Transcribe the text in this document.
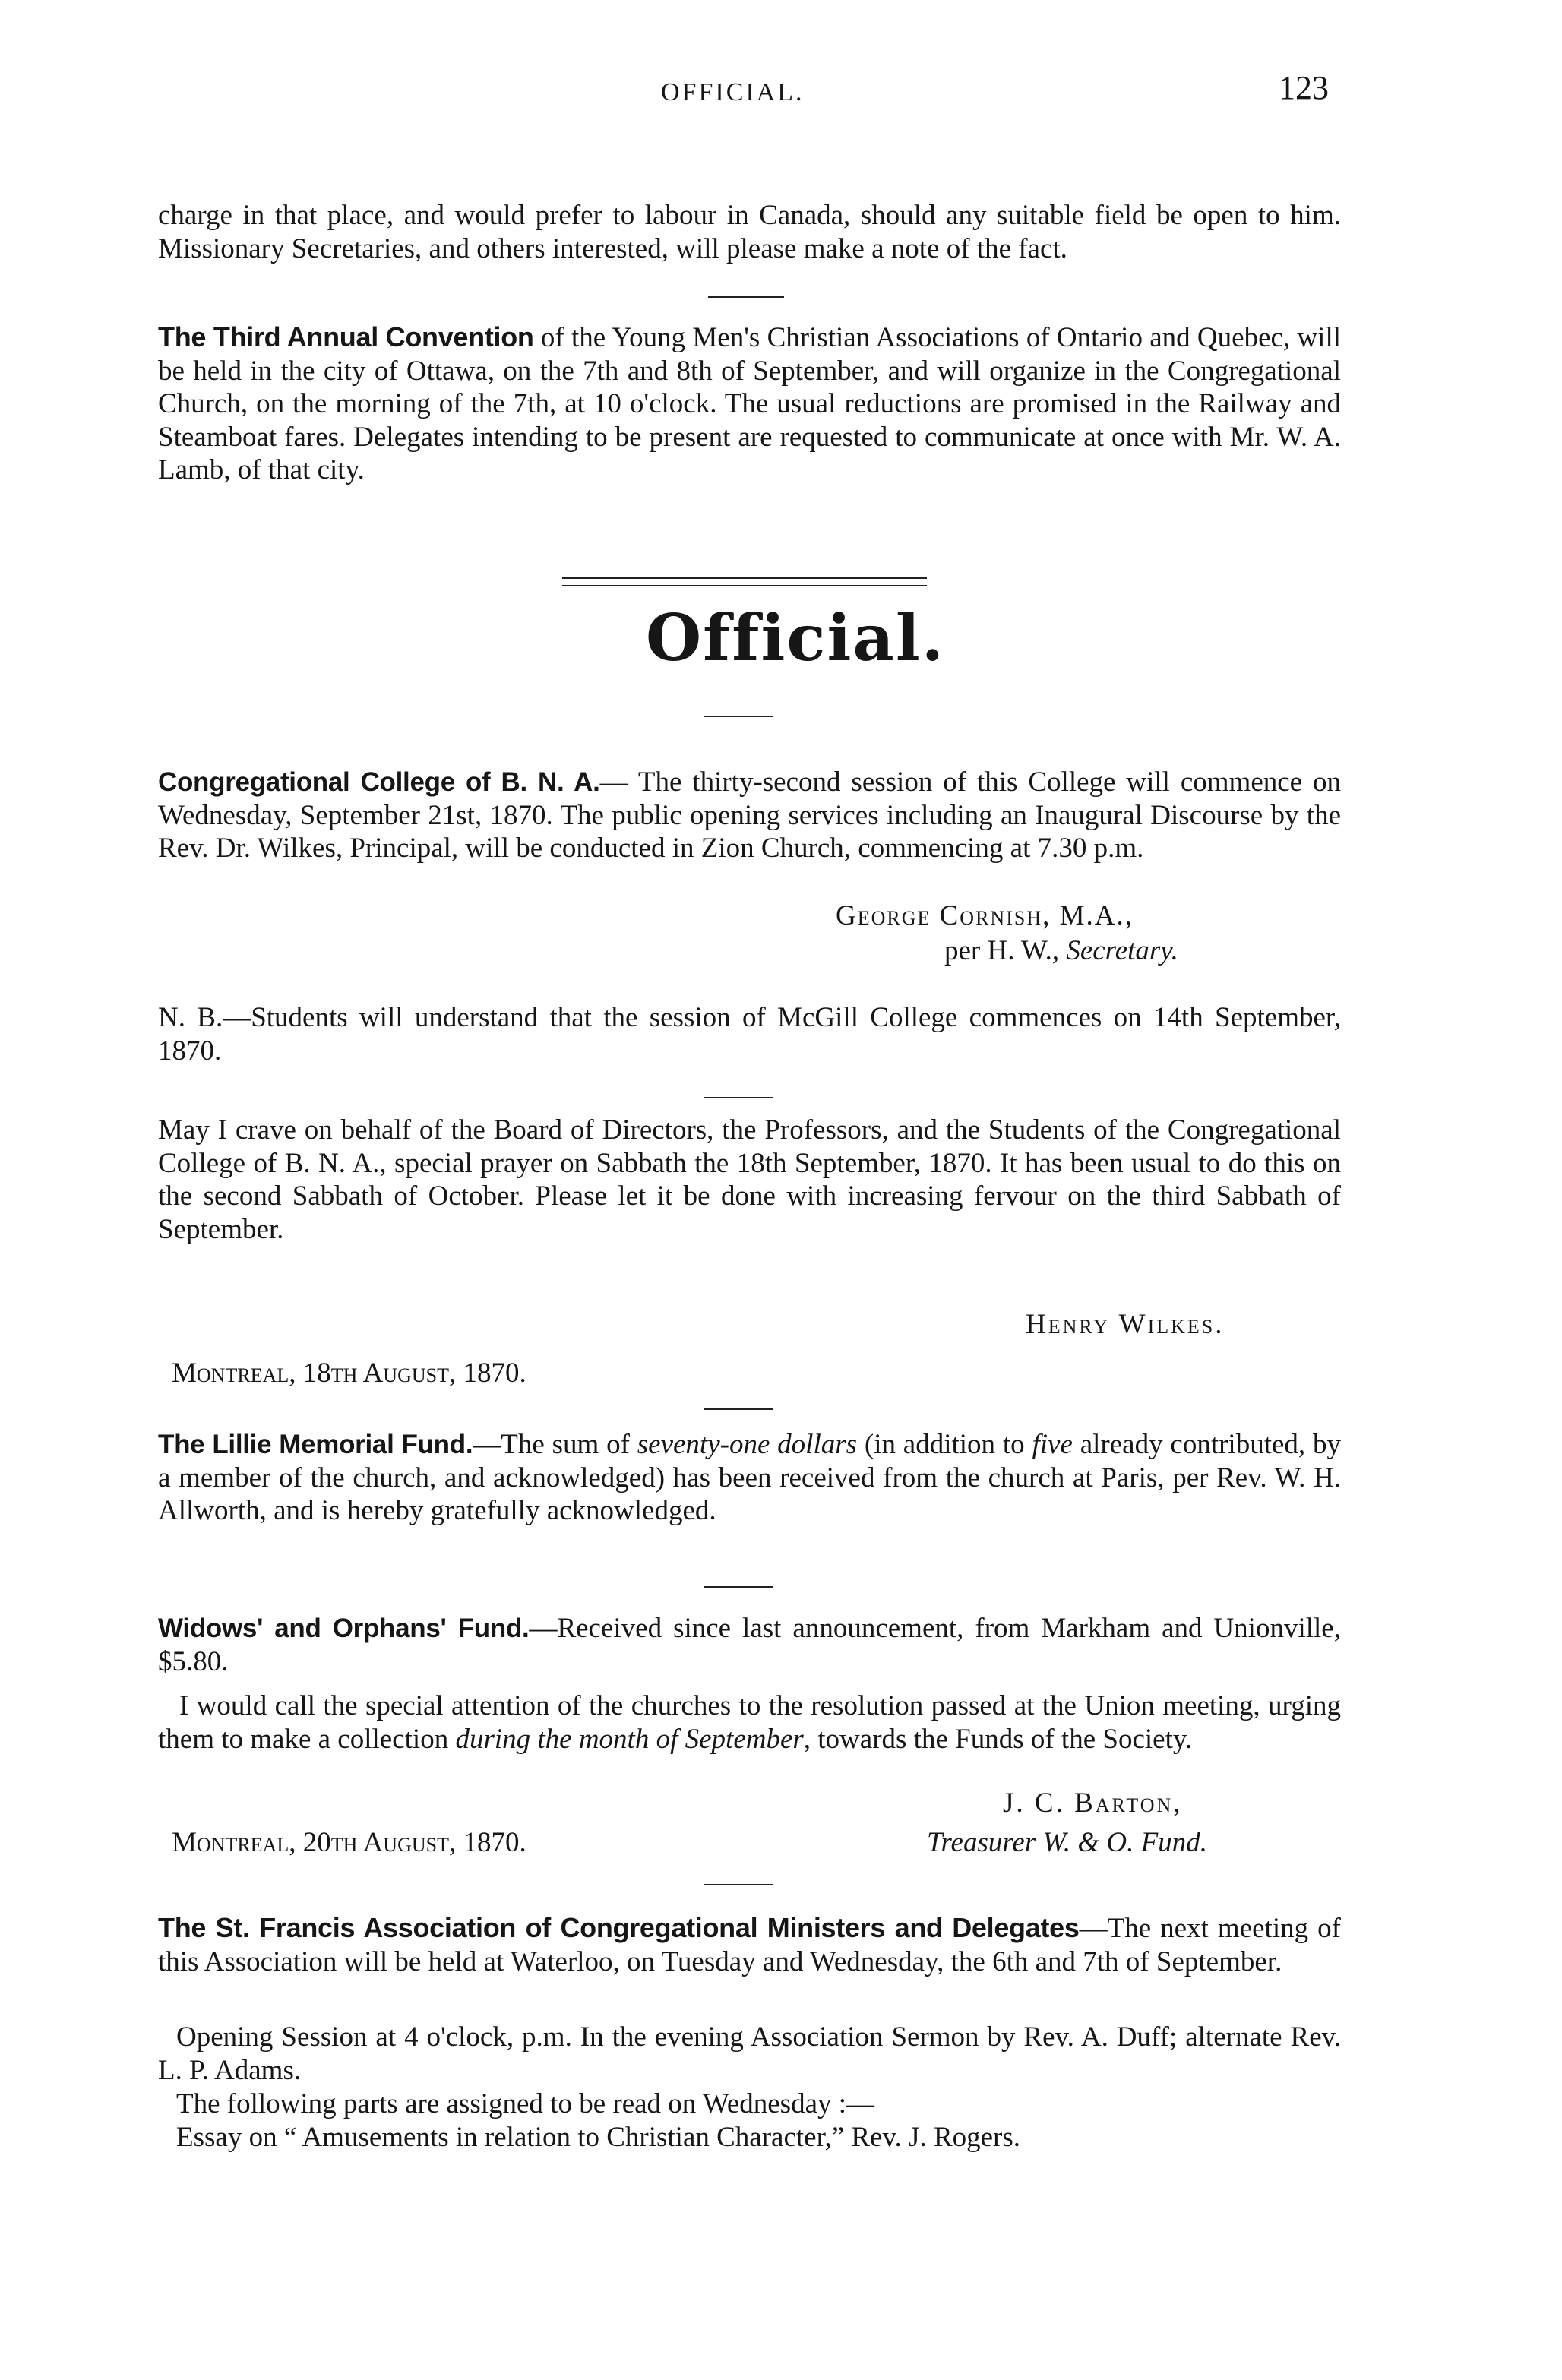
OFFICIAL.	123

charge in that place, and would prefer to labour in Canada, should any suitable field be open to him. Missionary Secretaries, and others interested, will please make a note of the fact.

The Third Annual Convention of the Young Men's Christian Associations of Ontario and Quebec, will be held in the city of Ottawa, on the 7th and 8th of September, and will organize in the Congregational Church, on the morning of the 7th, at 10 o'clock. The usual reductions are promised in the Railway and Steamboat fares. Delegates intending to be present are requested to communicate at once with Mr. W. A. Lamb, of that city.

Official.

Congregational College of B. N. A.— The thirty-second session of this College will commence on Wednesday, September 21st, 1870. The public opening services including an Inaugural Discourse by the Rev. Dr. Wilkes, Principal, will be conducted in Zion Church, commencing at 7.30 p.m.

George Cornish, M.A.,
per H. W., Secretary.

N. B.—Students will understand that the session of McGill College commences on 14th September, 1870.

May I crave on behalf of the Board of Directors, the Professors, and the Students of the Congregational College of B. N. A., special prayer on Sabbath the 18th September, 1870. It has been usual to do this on the second Sabbath of October. Please let it be done with increasing fervour on the third Sabbath of September.

Henry Wilkes.
Montreal, 18th August, 1870.

The Lillie Memorial Fund.—The sum of seventy-one dollars (in addition to five already contributed, by a member of the church, and acknowledged) has been received from the church at Paris, per Rev. W. H. Allworth, and is hereby gratefully acknowledged.

Widows' and Orphans' Fund.—Received since last announcement, from Markham and Unionville, $5.80.

I would call the special attention of the churches to the resolution passed at the Union meeting, urging them to make a collection during the month of September, towards the Funds of the Society.

J. C. Barton,
Montreal, 20th August, 1870.	Treasurer W. & O. Fund.

The St. Francis Association of Congregational Ministers and Delegates—The next meeting of this Association will be held at Waterloo, on Tuesday and Wednesday, the 6th and 7th of September.

Opening Session at 4 o'clock, p.m. In the evening Association Sermon by Rev. A. Duff; alternate Rev. L. P. Adams.

The following parts are assigned to be read on Wednesday :—

Essay on “ Amusements in relation to Christian Character,” Rev. J. Rogers.
